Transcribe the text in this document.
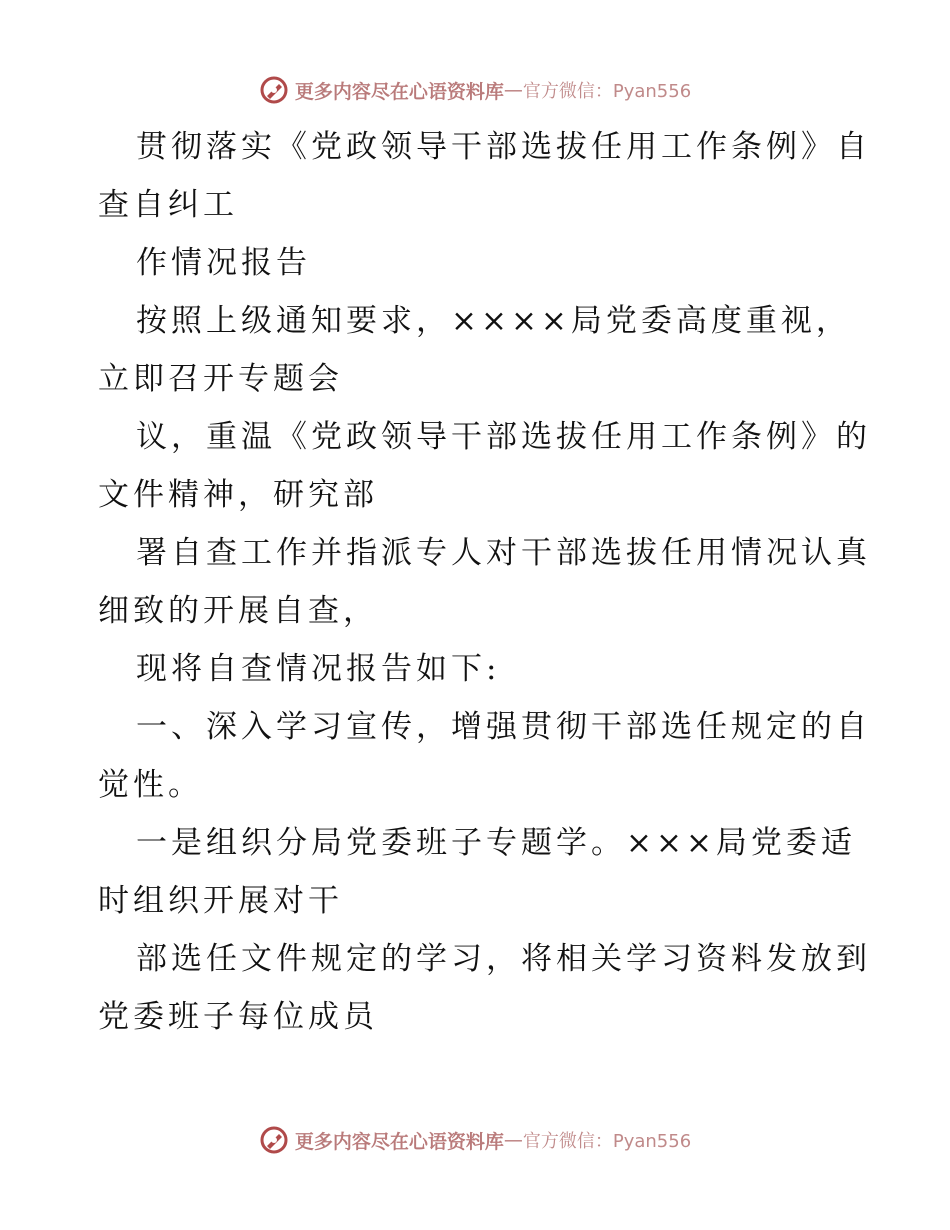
更多内容尽在心语资料库 — 官方微信：Pyan556
贯彻落实《党政领导干部选拔任用工作条例》自
查自纠工
作情况报告
按照上级通知要求，××××局党委高度重视，
立即召开专题会
议，重温《党政领导干部选拔任用工作条例》的
文件精神，研究部
署自查工作并指派专人对干部选拔任用情况认真
细致的开展自查，
现将自查情况报告如下:
一、深入学习宣传，增强贯彻干部选任规定的自
觉性。
一是组织分局党委班子专题学。×××局党委适
时组织开展对干
部选任文件规定的学习，将相关学习资料发放到
党委班子每位成员
更多内容尽在心语资料库 — 官方微信：Pyan556
